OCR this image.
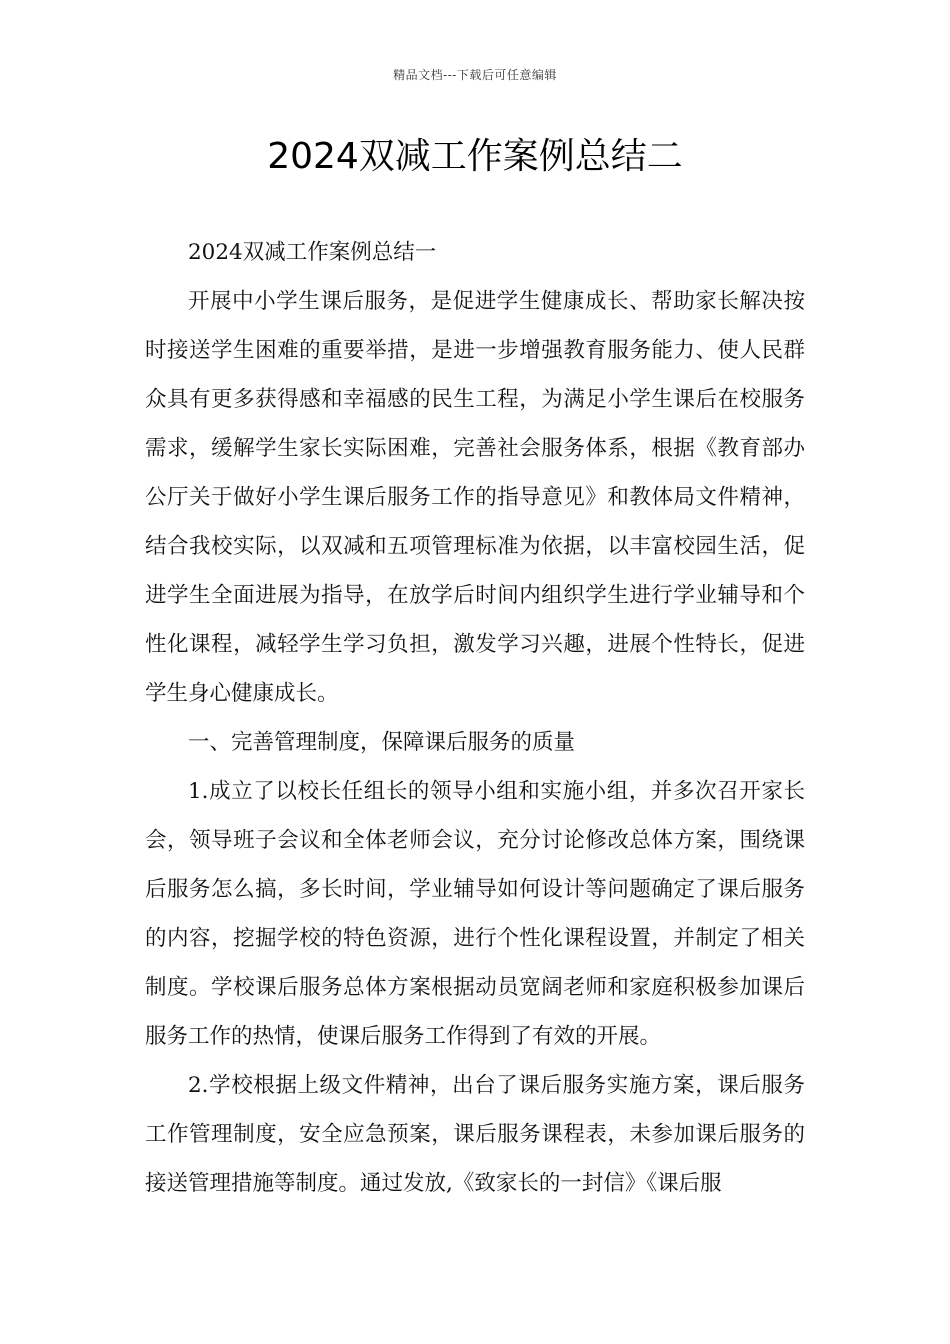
精品文档---下载后可任意编辑
2024双减工作案例总结二

2024双减工作案例总结一

开展中小学生课后服务，是促进学生健康成长、帮助家长解决按时接送学生困难的重要举措，是进一步增强教育服务能力、使人民群众具有更多获得感和幸福感的民生工程，为满足小学生课后在校服务需求，缓解学生家长实际困难，完善社会服务体系，根据《教育部办公厅关于做好小学生课后服务工作的指导意见》和教体局文件精神，结合我校实际，以双减和五项管理标准为依据，以丰富校园生活，促进学生全面进展为指导，在放学后时间内组织学生进行学业辅导和个性化课程，减轻学生学习负担，激发学习兴趣，进展个性特长，促进学生身心健康成长。

一、完善管理制度，保障课后服务的质量

1.成立了以校长任组长的领导小组和实施小组，并多次召开家长会，领导班子会议和全体老师会议，充分讨论修改总体方案，围绕课后服务怎么搞，多长时间，学业辅导如何设计等问题确定了课后服务的内容，挖掘学校的特色资源，进行个性化课程设置，并制定了相关制度。学校课后服务总体方案根据动员宽阔老师和家庭积极参加课后服务工作的热情，使课后服务工作得到了有效的开展。

2.学校根据上级文件精神，出台了课后服务实施方案，课后服务工作管理制度，安全应急预案，课后服务课程表，未参加课后服务的接送管理措施等制度。通过发放,《致家长的一封信》《课后服
